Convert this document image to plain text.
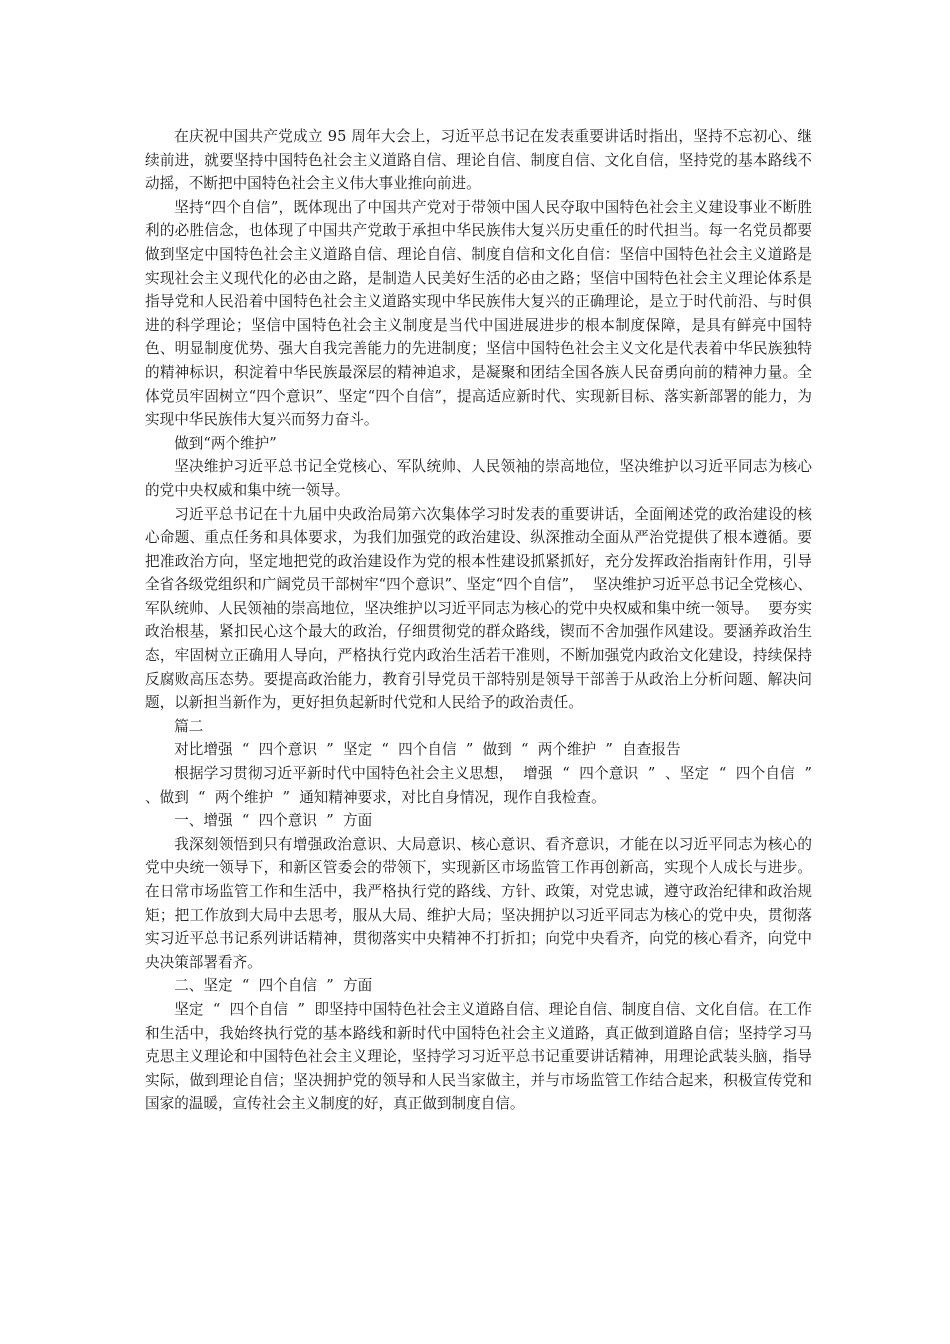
在庆祝中国共产党成立 95 周年大会上，习近平总书记在发表重要讲话时指出，坚持不忘初心、继续前进，就要坚持中国特色社会主义道路自信、理论自信、制度自信、文化自信，坚持党的基本路线不动摇，不断把中国特色社会主义伟大事业推向前进。

坚持“四个自信”，既体现出了中国共产党对于带领中国人民夺取中国特色社会主义建设事业不断胜利的必胜信念，也体现了中国共产党敢于承担中华民族伟大复兴历史重任的时代担当。每一名党员都要做到坚定中国特色社会主义道路自信、理论自信、制度自信和文化自信：坚信中国特色社会主义道路是实现社会主义现代化的必由之路，是制造人民美好生活的必由之路；坚信中国特色社会主义理论体系是指导党和人民沿着中国特色社会主义道路实现中华民族伟大复兴的正确理论，是立于时代前沿、与时俱进的科学理论；坚信中国特色社会主义制度是当代中国进展进步的根本制度保障，是具有鲜亮中国特色、明显制度优势、强大自我完善能力的先进制度；坚信中国特色社会主义文化是代表着中华民族独特的精神标识，积淀着中华民族最深层的精神追求，是凝聚和团结全国各族人民奋勇向前的精神力量。全体党员牢固树立“四个意识”、坚定“四个自信”，提高适应新时代、实现新目标、落实新部署的能力，为实现中华民族伟大复兴而努力奋斗。

做到“两个维护”

坚决维护习近平总书记全党核心、军队统帅、人民领袖的崇高地位，坚决维护以习近平同志为核心的党中央权威和集中统一领导。

习近平总书记在十九届中央政治局第六次集体学习时发表的重要讲话，全面阐述党的政治建设的核心命题、重点任务和具体要求，为我们加强党的政治建设、纵深推动全面从严治党提供了根本遵循。要把准政治方向，坚定地把党的政治建设作为党的根本性建设抓紧抓好，充分发挥政治指南针作用，引导全省各级党组织和广阔党员干部树牢“四个意识”、坚定“四个自信”，  坚决维护习近平总书记全党核心、军队统帅、人民领袖的崇高地位，坚决维护以习近平同志为核心的党中央权威和集中统一领导。  要夯实政治根基，紧扣民心这个最大的政治，仔细贯彻党的群众路线，锲而不舍加强作风建设。要涵养政治生态，牢固树立正确用人导向，严格执行党内政治生活若干准则，不断加强党内政治文化建设，持续保持反腐败高压态势。要提高政治能力，教育引导党员干部特别是领导干部善于从政治上分析问题、解决问题，以新担当新作为，更好担负起新时代党和人民给予的政治责任。

篇二

对比增强  “  四个意识  ”  坚定  “  四个自信  ”  做到  “  两个维护  ”  自查报告

根据学习贯彻习近平新时代中国特色社会主义思想，  增强  “  四个意识  ”  、坚定  “  四个自信  ”  、做到  “  两个维护  ”  通知精神要求，对比自身情况，现作自我检查。

一、增强  “  四个意识  ”  方面

我深刻领悟到只有增强政治意识、大局意识、核心意识、看齐意识，才能在以习近平同志为核心的党中央统一领导下，和新区管委会的带领下，实现新区市场监管工作再创新高，实现个人成长与进步。在日常市场监管工作和生活中，我严格执行党的路线、方针、政策，对党忠诚，遵守政治纪律和政治规矩；把工作放到大局中去思考，服从大局、维护大局；坚决拥护以习近平同志为核心的党中央，贯彻落实习近平总书记系列讲话精神，贯彻落实中央精神不打折扣；向党中央看齐，向党的核心看齐，向党中央决策部署看齐。

二、坚定  “  四个自信  ”  方面

坚定  “  四个自信  ”  即坚持中国特色社会主义道路自信、理论自信、制度自信、文化自信。在工作和生活中，我始终执行党的基本路线和新时代中国特色社会主义道路，真正做到道路自信；坚持学习马克思主义理论和中国特色社会主义理论，坚持学习习近平总书记重要讲话精神，用理论武装头脑，指导实际，做到理论自信；坚决拥护党的领导和人民当家做主，并与市场监管工作结合起来，积极宣传党和国家的温暖，宣传社会主义制度的好，真正做到制度自信。
